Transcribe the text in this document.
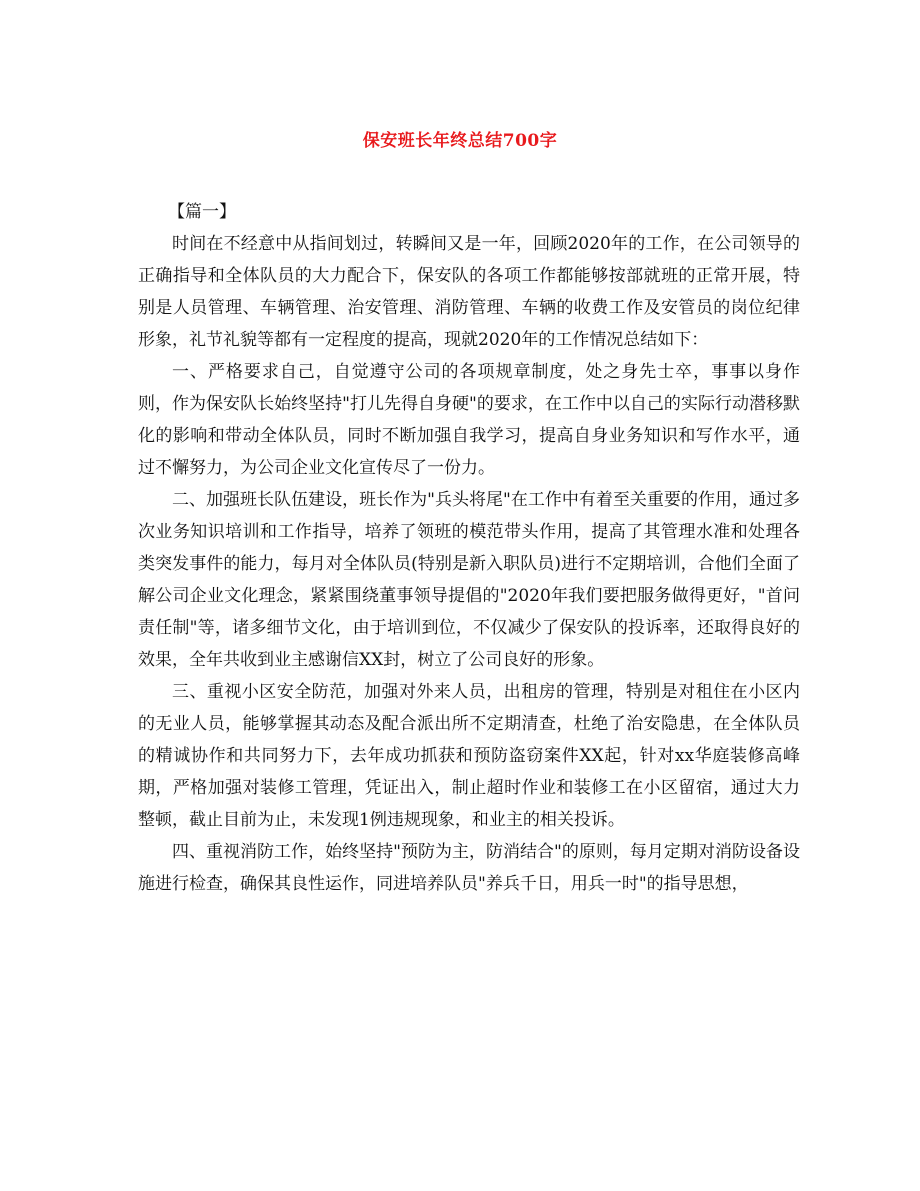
保安班长年终总结700字

【篇一】

时间在不经意中从指间划过，转瞬间又是一年，回顾2020年的工作，在公司领导的正确指导和全体队员的大力配合下，保安队的各项工作都能够按部就班的正常开展，特别是人员管理、车辆管理、治安管理、消防管理、车辆的收费工作及安管员的岗位纪律形象，礼节礼貌等都有一定程度的提高，现就2020年的工作情况总结如下：

一、严格要求自己，自觉遵守公司的各项规章制度，处之身先士卒，事事以身作则，作为保安队长始终坚持"打儿先得自身硬"的要求，在工作中以自己的实际行动潜移默化的影响和带动全体队员，同时不断加强自我学习，提高自身业务知识和写作水平，通过不懈努力，为公司企业文化宣传尽了一份力。

二、加强班长队伍建设，班长作为"兵头将尾"在工作中有着至关重要的作用，通过多次业务知识培训和工作指导，培养了领班的模范带头作用，提高了其管理水准和处理各类突发事件的能力，每月对全体队员(特别是新入职队员)进行不定期培训，合他们全面了解公司企业文化理念，紧紧围绕董事领导提倡的"2020年我们要把服务做得更好，"首问责任制"等，诸多细节文化，由于培训到位，不仅减少了保安队的投诉率，还取得良好的效果，全年共收到业主感谢信XX封，树立了公司良好的形象。

三、重视小区安全防范，加强对外来人员，出租房的管理，特别是对租住在小区内的无业人员，能够掌握其动态及配合派出所不定期清查，杜绝了治安隐患，在全体队员的精诚协作和共同努力下，去年成功抓获和预防盗窃案件XX起，针对xx华庭装修高峰期，严格加强对装修工管理，凭证出入，制止超时作业和装修工在小区留宿，通过大力整顿，截止目前为止，未发现1例违规现象，和业主的相关投诉。

四、重视消防工作，始终坚持"预防为主，防消结合"的原则，每月定期对消防设备设施进行检查，确保其良性运作，同进培养队员"养兵千日，用兵一时"的指导思想，
